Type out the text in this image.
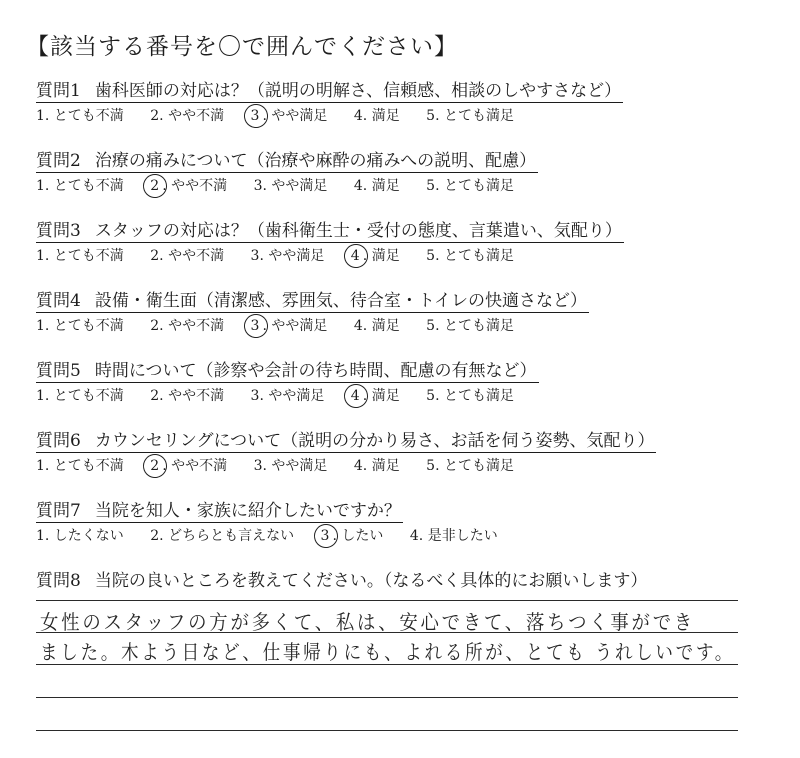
【該当する番号を〇で囲んでください】
質問1 歯科医師の対応は？（説明の明解さ、信頼感、相談のしやすさなど）
1. とても不満 2. やや不満 3 . やや満足 4. 満足 5. とても満足
質問2 治療の痛みについて（治療や麻酔の痛みへの説明、配慮）
1. とても不満 2 . やや不満 3. やや満足 4. 満足 5. とても満足
質問3 スタッフの対応は？（歯科衛生士・受付の態度、言葉遣い、気配り）
1. とても不満 2. やや不満 3. やや満足 4 . 満足 5. とても満足
質問4 設備・衛生面（清潔感、雰囲気、待合室・トイレの快適さなど）
1. とても不満 2. やや不満 3 . やや満足 4. 満足 5. とても満足
質問5 時間について（診察や会計の待ち時間、配慮の有無など）
1. とても不満 2. やや不満 3. やや満足 4 . 満足 5. とても満足
質問6 カウンセリングについて（説明の分かり易さ、お話を伺う姿勢、気配り）
1. とても不満 2 . やや不満 3. やや満足 4. 満足 5. とても満足
質問7 当院を知人・家族に紹介したいですか？
1. したくない 2. どちらとも言えない 3 . したい 4. 是非したい
質問8 当院の良いところを教えてください。（なるべく具体的にお願いします）
女性のスタッフの方が多くて、私は、安心できて、落ちつく事ができ
ました。木よう日など、仕事帰りにも、よれる所が、とても うれしいです。
